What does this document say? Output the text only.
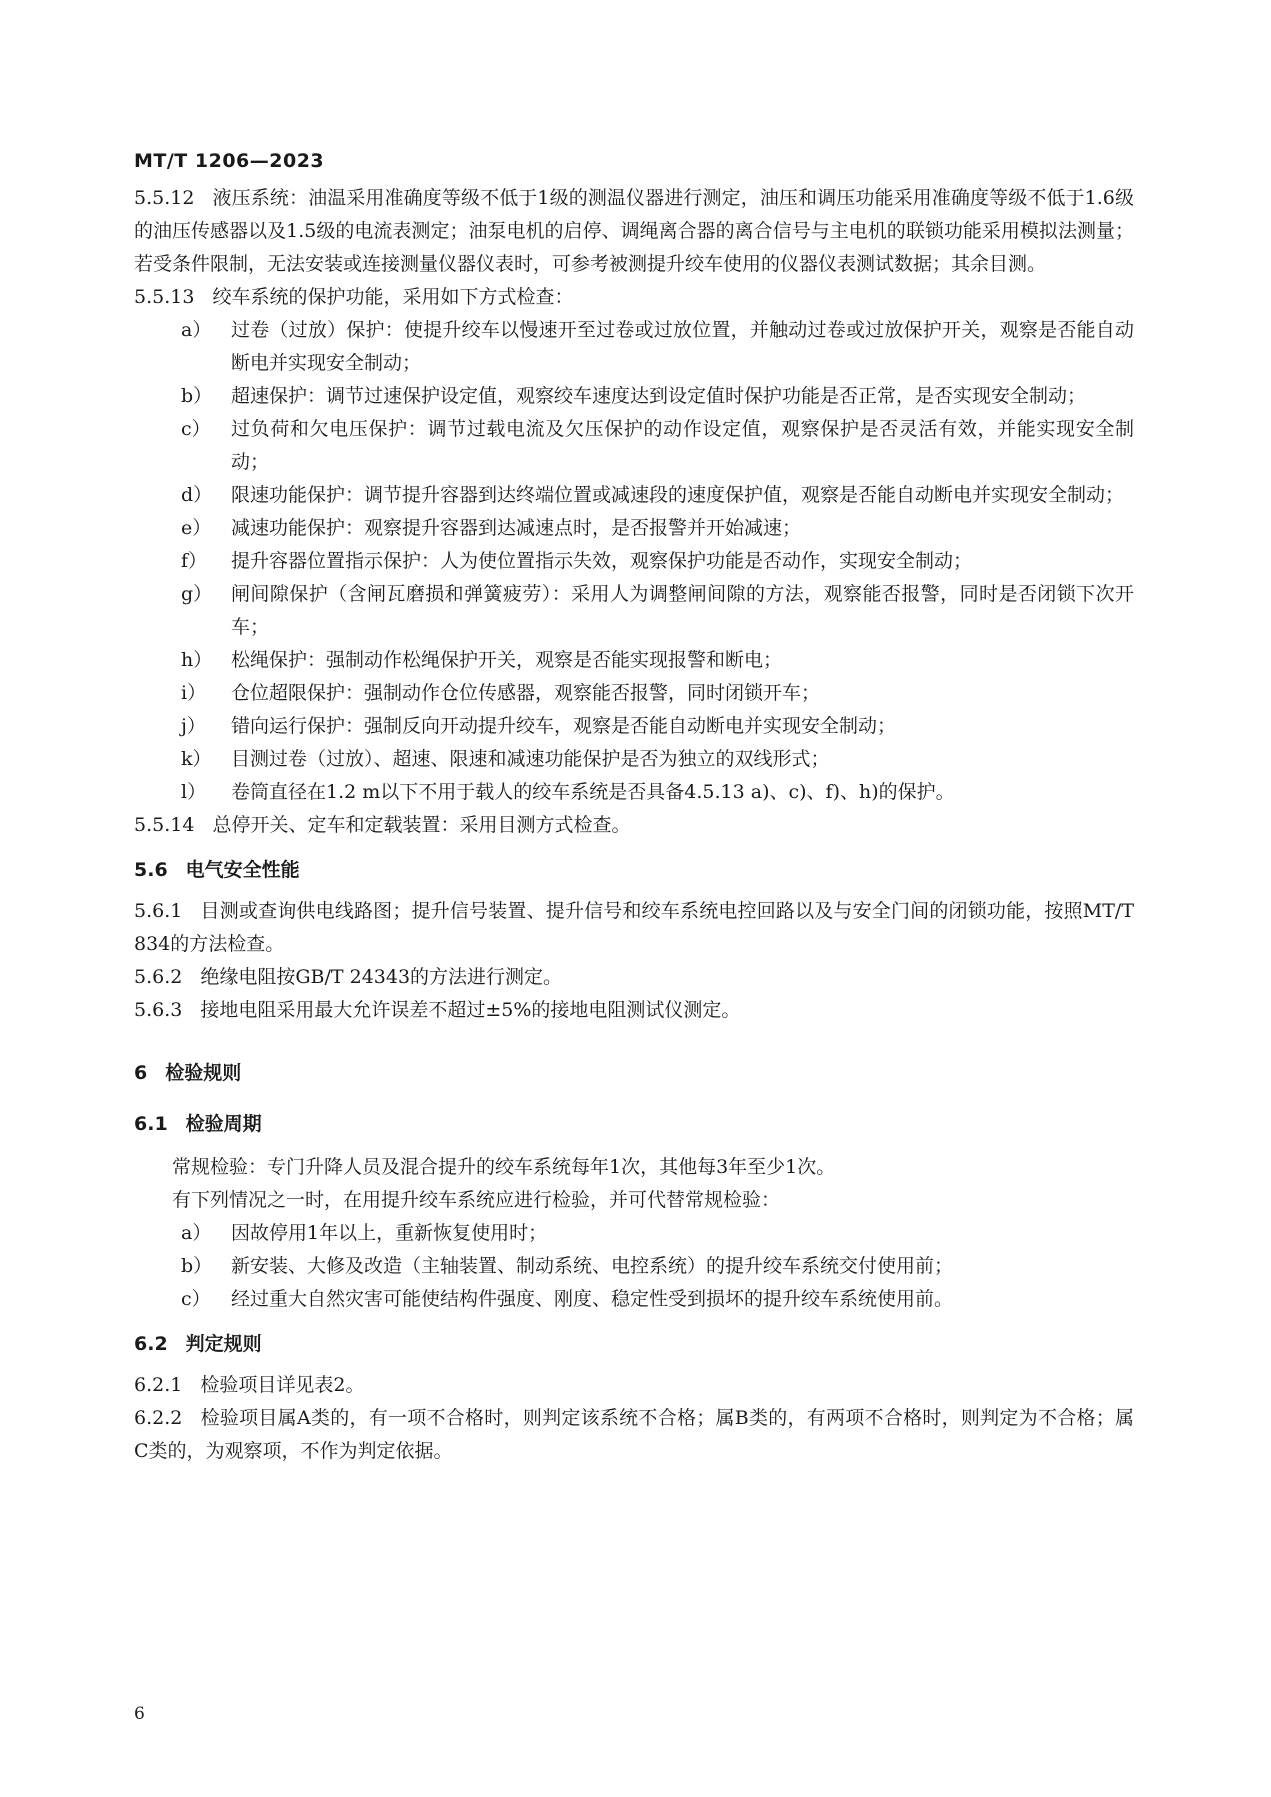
MT/T 1206—2023
5.5.12 液压系统：油温采用准确度等级不低于1级的测温仪器进行测定，油压和调压功能采用准确度等级不低于1.6级的油压传感器以及1.5级的电流表测定；油泵电机的启停、调绳离合器的离合信号与主电机的联锁功能采用模拟法测量；若受条件限制，无法安装或连接测量仪器仪表时，可参考被测提升绞车使用的仪器仪表测试数据；其余目测。
5.5.13 绞车系统的保护功能，采用如下方式检查：
a） 过卷（过放）保护：使提升绞车以慢速开至过卷或过放位置，并触动过卷或过放保护开关，观察是否能自动断电并实现安全制动；
b） 超速保护：调节过速保护设定值，观察绞车速度达到设定值时保护功能是否正常，是否实现安全制动；
c） 过负荷和欠电压保护：调节过载电流及欠压保护的动作设定值，观察保护是否灵活有效，并能实现安全制动；
d） 限速功能保护：调节提升容器到达终端位置或减速段的速度保护值，观察是否能自动断电并实现安全制动；
e） 减速功能保护：观察提升容器到达减速点时，是否报警并开始减速；
f） 提升容器位置指示保护：人为使位置指示失效，观察保护功能是否动作，实现安全制动；
g） 闸间隙保护（含闸瓦磨损和弹簧疲劳）：采用人为调整闸间隙的方法，观察能否报警，同时是否闭锁下次开车；
h） 松绳保护：强制动作松绳保护开关，观察是否能实现报警和断电；
i） 仓位超限保护：强制动作仓位传感器，观察能否报警，同时闭锁开车；
j） 错向运行保护：强制反向开动提升绞车，观察是否能自动断电并实现安全制动；
k） 目测过卷（过放）、超速、限速和减速功能保护是否为独立的双线形式；
l） 卷筒直径在1.2 m以下不用于载人的绞车系统是否具备4.5.13 a)、c)、f)、h)的保护。
5.5.14 总停开关、定车和定载装置：采用目测方式检查。
5.6 电气安全性能
5.6.1 目测或查询供电线路图；提升信号装置、提升信号和绞车系统电控回路以及与安全门间的闭锁功能，按照MT/T 834的方法检查。
5.6.2 绝缘电阻按GB/T 24343的方法进行测定。
5.6.3 接地电阻采用最大允许误差不超过±5%的接地电阻测试仪测定。
6 检验规则
6.1 检验周期
常规检验：专门升降人员及混合提升的绞车系统每年1次，其他每3年至少1次。
有下列情况之一时，在用提升绞车系统应进行检验，并可代替常规检验：
a） 因故停用1年以上，重新恢复使用时；
b） 新安装、大修及改造（主轴装置、制动系统、电控系统）的提升绞车系统交付使用前；
c） 经过重大自然灾害可能使结构件强度、刚度、稳定性受到损坏的提升绞车系统使用前。
6.2 判定规则
6.2.1 检验项目详见表2。
6.2.2 检验项目属A类的，有一项不合格时，则判定该系统不合格；属B类的，有两项不合格时，则判定为不合格；属C类的，为观察项，不作为判定依据。
6
